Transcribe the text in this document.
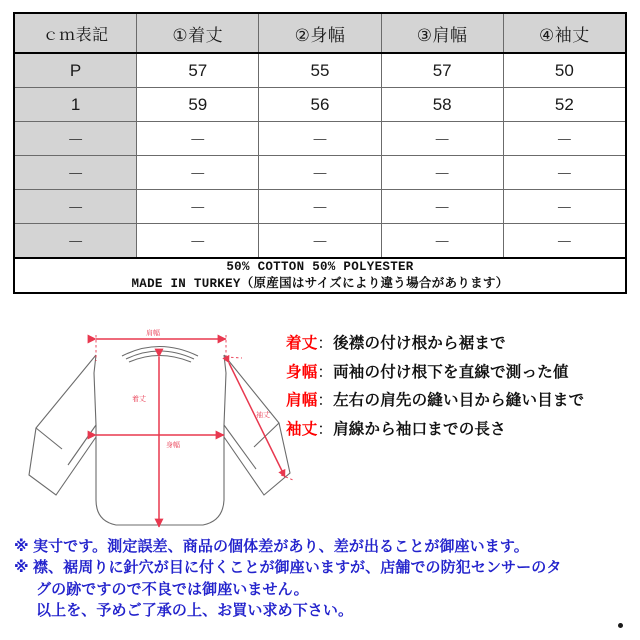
ｃｍ表記	①着丈	②身幅	③肩幅	④袖丈
P	57	55	57	50
1	59	56	58	52
－	－	－	－	－
－	－	－	－	－
－	－	－	－	－
－	－	－	－	－

50% COTTON 50% POLYESTER
MADE IN TURKEY（原産国はサイズにより違う場合があります）				
肩幅
着丈
身幅
袖丈
着丈：後襟の付け根から裾まで
身幅：両袖の付け根下を直線で測った値
肩幅：左右の肩先の縫い目から縫い目まで
袖丈：肩線から袖口までの長さ
※ 実寸です。測定誤差、商品の個体差があり、差が出ることが御座います。
※ 襟、裾周りに針穴が目に付くことが御座いますが、店舗での防犯センサーのタ
グの跡ですので不良では御座いません。
以上を、予めご了承の上、お買い求め下さい。
